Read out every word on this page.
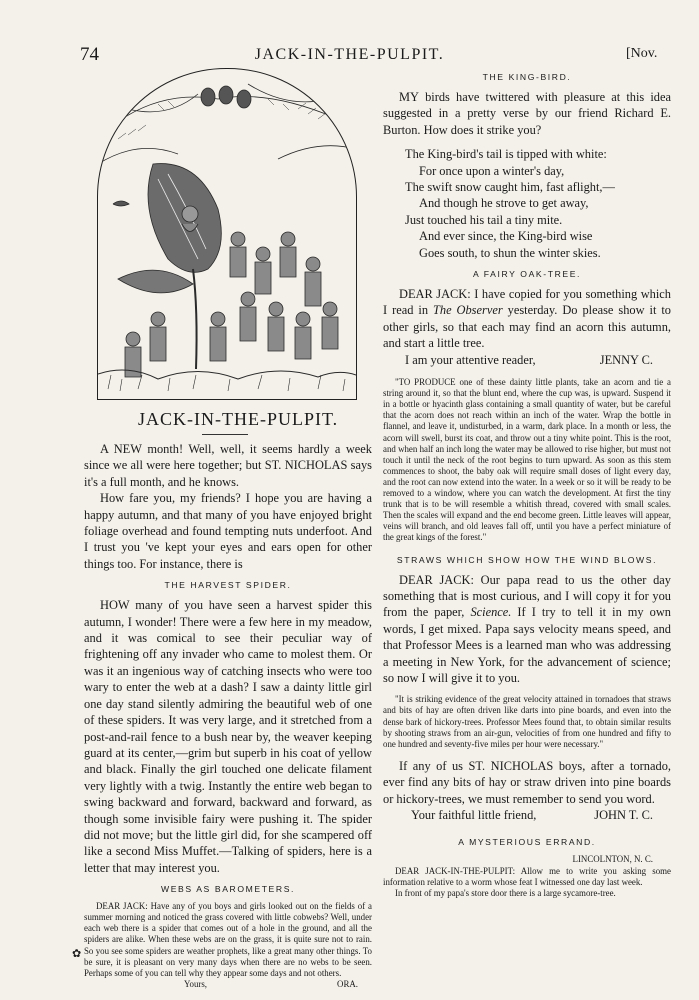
74	JACK-IN-THE-PULPIT.	[Nov.
JACK-IN-THE-PULPIT.

A NEW month! Well, well, it seems hardly a week since we all were here together; but ST. NICHOLAS says it's a full month, and he knows.

How fare you, my friends? I hope you are having a happy autumn, and that many of you have enjoyed bright foliage overhead and found tempting nuts underfoot. And I trust you 've kept your eyes and ears open for other things too. For instance, there is

THE HARVEST SPIDER.

HOW many of you have seen a harvest spider this autumn, I wonder! There were a few here in my meadow, and it was comical to see their peculiar way of frightening off any invader who came to molest them. Or was it an ingenious way of catching insects who were too wary to enter the web at a dash? I saw a dainty little girl one day stand silently admiring the beautiful web of one of these spiders. It was very large, and it stretched from a post-and-rail fence to a bush near by, the weaver keeping guard at its center,—grim but superb in his coat of yellow and black. Finally the girl touched one delicate filament very lightly with a twig. Instantly the entire web began to swing backward and forward, backward and forward, as though some invisible fairy were pushing it. The spider did not move; but the little girl did, for she scampered off like a second Miss Muffet.—Talking of spiders, here is a letter that may interest you.

WEBS AS BAROMETERS.

DEAR JACK: Have any of you boys and girls looked out on the fields of a summer morning and noticed the grass covered with little cobwebs? Well, under each web there is a spider that comes out of a hole in the ground, and all the spiders are alike. When these webs are on the grass, it is quite sure not to rain. So you see some spiders are weather prophets, like a great many other things. To be sure, it is pleasant on very many days when there are no webs to be seen. Perhaps some of you can tell why they appear some days and not others.

Yours,	ORA.
THE KING-BIRD.

MY birds have twittered with pleasure at this idea suggested in a pretty verse by our friend Richard E. Burton. How does it strike you?

The King-bird's tail is tipped with white:
For once upon a winter's day,
The swift snow caught him, fast aflight,—
And though he strove to get away,
Just touched his tail a tiny mite.
And ever since, the King-bird wise
Goes south, to shun the winter skies.
A FAIRY OAK-TREE.

DEAR JACK: I have copied for you something which I read in The Observer yesterday. Do please show it to other girls, so that each may find an acorn this autumn, and start a little tree.

I am your attentive reader,	JENNY C.

"TO PRODUCE one of these dainty little plants, take an acorn and tie a string around it, so that the blunt end, where the cup was, is upward. Suspend it in a bottle or hyacinth glass containing a small quantity of water, but be careful that the acorn does not reach within an inch of the water. Wrap the bottle in flannel, and leave it, undisturbed, in a warm, dark place. In a month or less, the acorn will swell, burst its coat, and throw out a tiny white point. This is the root, and when half an inch long the water may be allowed to rise higher, but must not touch it until the neck of the root begins to turn upward. As soon as this stem commences to shoot, the baby oak will require small doses of light every day, and the root can now extend into the water. In a week or so it will be ready to be removed to a window, where you can watch the development. At first the tiny trunk that is to be will resemble a whitish thread, covered with small scales. Then the scales will expand and the end become green. Little leaves will appear, veins will branch, and old leaves fall off, until you have a perfect miniature of the great kings of the forest."

STRAWS WHICH SHOW HOW THE WIND BLOWS.

DEAR JACK: Our papa read to us the other day something that is most curious, and I will copy it for you from the paper, Science. If I try to tell it in my own words, I get mixed. Papa says velocity means speed, and that Professor Mees is a learned man who was addressing a meeting in New York, for the advancement of science; so now I will give it to you.

"It is striking evidence of the great velocity attained in tornadoes that straws and bits of hay are often driven like darts into pine boards, and even into the dense bark of hickory-trees. Professor Mees found that, to obtain similar results by shooting straws from an air-gun, velocities of from one hundred and fifty to one hundred and seventy-five miles per hour were necessary."

If any of us ST. NICHOLAS boys, after a tornado, ever find any bits of hay or straw driven into pine boards or hickory-trees, we must remember to send you word.

Your faithful little friend,	JOHN T. C.
A MYSTERIOUS ERRAND.
LINCOLNTON, N. C.

DEAR JACK-IN-THE-PULPIT: Allow me to write you asking some information relative to a worm whose feat I witnessed one day last week.

In front of my papa's store door there is a large sycamore-tree.

✿
